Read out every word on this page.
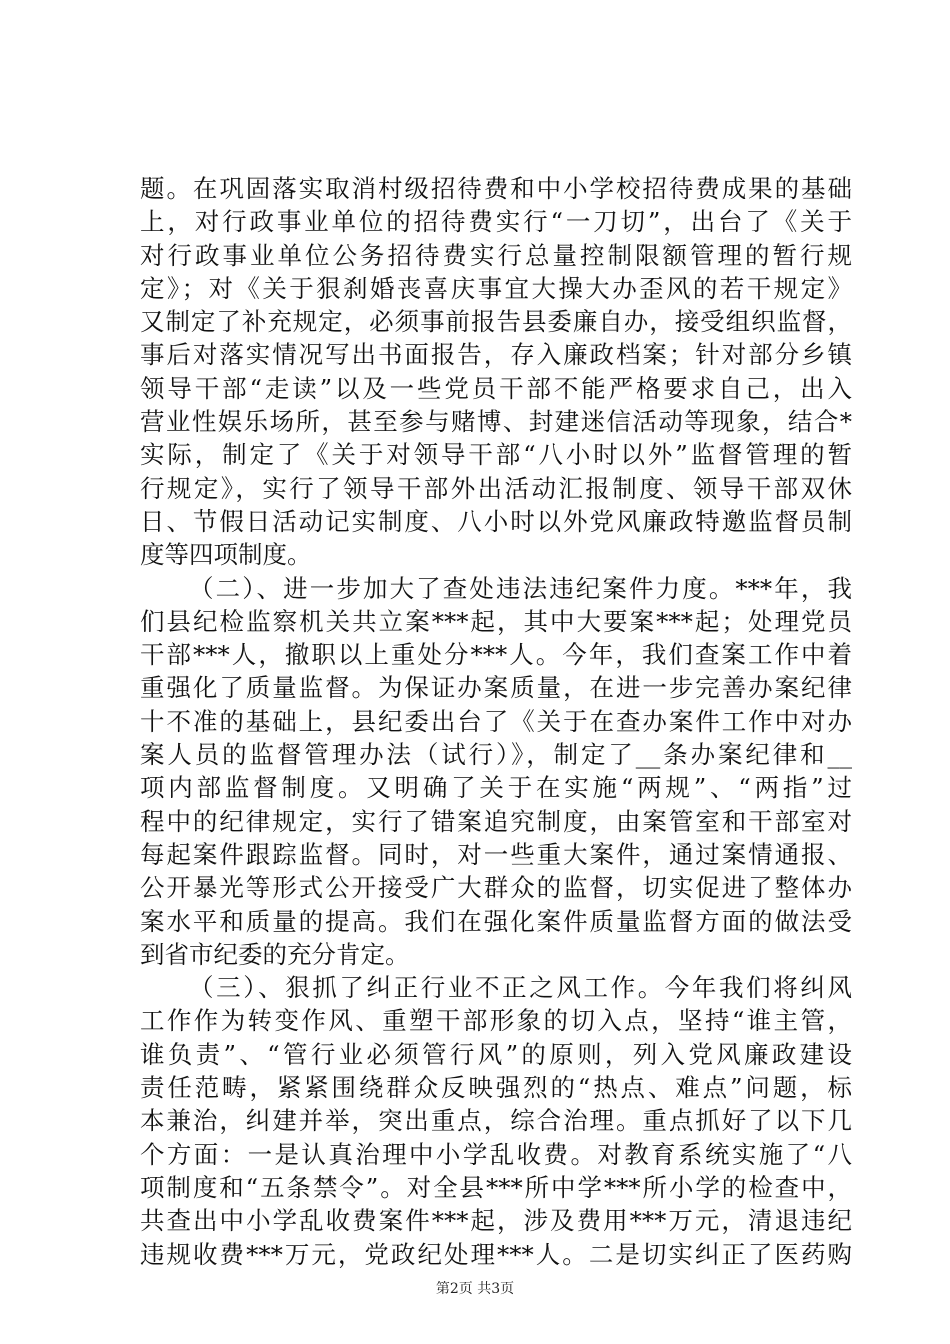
题。在巩固落实取消村级招待费和中小学校招待费成果的基础
上，对行政事业单位的招待费实行“一刀切”，出台了《关于
对行政事业单位公务招待费实行总量控制限额管理的暂行规
定》；对《关于狠刹婚丧喜庆事宜大操大办歪风的若干规定》
又制定了补充规定，必须事前报告县委廉自办，接受组织监督，
事后对落实情况写出书面报告，存入廉政档案；针对部分乡镇
领导干部“走读”以及一些党员干部不能严格要求自己，出入
营业性娱乐场所，甚至参与赌博、封建迷信活动等现象，结合*
实际，制定了《关于对领导干部“八小时以外”监督管理的暂
行规定》，实行了领导干部外出活动汇报制度、领导干部双休
日、节假日活动记实制度、八小时以外党风廉政特邀监督员制
度等四项制度。
（二）、进一步加大了查处违法违纪案件力度。***年，我
们县纪检监察机关共立案***起，其中大要案***起；处理党员
干部***人，撤职以上重处分***人。今年，我们查案工作中着
重强化了质量监督。为保证办案质量，在进一步完善办案纪律
十不准的基础上，县纪委出台了《关于在查办案件工作中对办
案人员的监督管理办法（试行）》，制定了__条办案纪律和__
项内部监督制度。又明确了关于在实施“两规”、“两指”过
程中的纪律规定，实行了错案追究制度，由案管室和干部室对
每起案件跟踪监督。同时，对一些重大案件，通过案情通报、
公开暴光等形式公开接受广大群众的监督，切实促进了整体办
案水平和质量的提高。我们在强化案件质量监督方面的做法受
到省市纪委的充分肯定。
（三）、狠抓了纠正行业不正之风工作。今年我们将纠风
工作作为转变作风、重塑干部形象的切入点，坚持“谁主管，
谁负责”、“管行业必须管行风”的原则，列入党风廉政建设
责任范畴，紧紧围绕群众反映强烈的“热点、难点”问题，标
本兼治，纠建并举，突出重点，综合治理。重点抓好了以下几
个方面：一是认真治理中小学乱收费。对教育系统实施了“八
项制度和“五条禁令”。对全县***所中学***所小学的检查中，
共查出中小学乱收费案件***起，涉及费用***万元，清退违纪
违规收费***万元，党政纪处理***人。二是切实纠正了医药购
第2页 共3页
